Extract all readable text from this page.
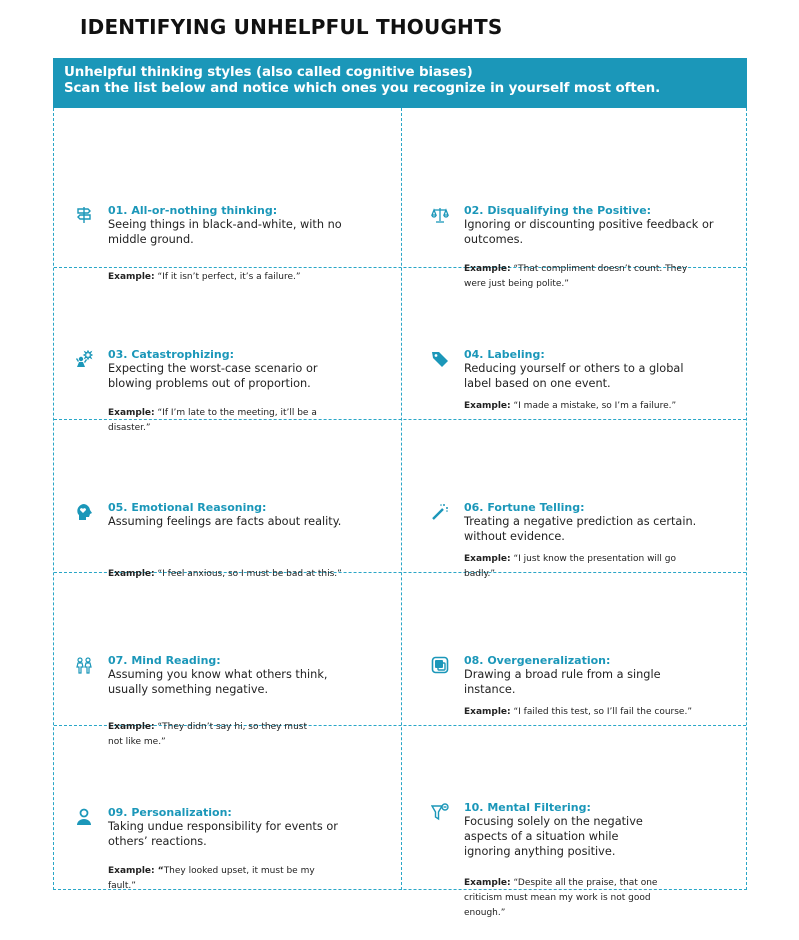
IDENTIFYING UNHELPFUL THOUGHTS
Unhelpful thinking styles (also called cognitive biases)
Scan the list below and notice which ones you recognize in yourself most often.
01. All-or-nothing thinking:
Seeing things in black-and-white, with no middle ground.
Example: “If it isn’t perfect, it’s a failure.”
02. Disqualifying the Positive:
Ignoring or discounting positive feedback or outcomes.
Example: “That compliment doesn’t count. They were just being polite.”
03. Catastrophizing:
Expecting the worst-case scenario or blowing problems out of proportion.
Example: “If I’m late to the meeting, it’ll be a disaster.”
04. Labeling:
Reducing yourself or others to a global label based on one event.
Example: “I made a mistake, so I’m a failure.”
05. Emotional Reasoning:
Assuming feelings are facts about reality.
Example: “I feel anxious, so I must be bad at this.”
06. Fortune Telling:
Treating a negative prediction as certain. without evidence.
Example: “I just know the presentation will go badly.”
07. Mind Reading:
Assuming you know what others think, usually something negative.
Example: “They didn’t say hi, so they must not like me.”
08. Overgeneralization:
Drawing a broad rule from a single instance.
Example: “I failed this test, so I’ll fail the course.”
09. Personalization:
Taking undue responsibility for events or others’ reactions.
Example: “They looked upset, it must be my fault.”
10. Mental Filtering:
Focusing solely on the negative aspects of a situation while ignoring anything positive.
Example: “Despite all the praise, that one criticism must mean my work is not good enough.”
